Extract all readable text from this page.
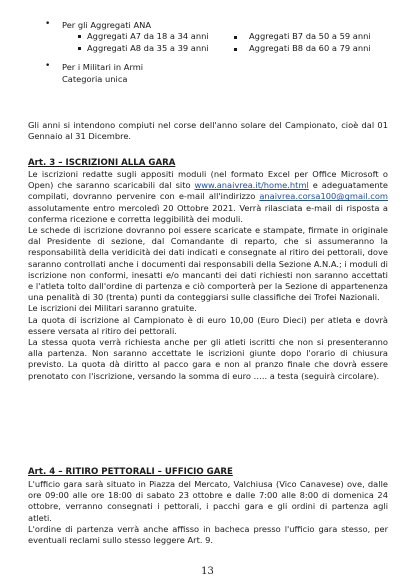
• Per gli Aggregati ANA
Aggregati A7 da 18 a 34 anni	Aggregati B7 da 50 a 59 anni
Aggregati A8 da 35 a 39 anni	Aggregati B8 da 60 a 79 anni
• Per i Militari in Armi
Categoria unica

Gli anni si intendono compiuti nel corse dell'anno solare del Campionato, cioè dal 01 Gennaio al 31 Dicembre.

Art. 3 – ISCRIZIONI ALLA GARA

Le iscrizioni redatte sugli appositi moduli (nel formato Excel per Office Microsoft o Open) che saranno scaricabili dal sito www.anaivrea.it/home.html e adeguatamente compilati, dovranno pervenire con e-mail all'indirizzo anaivrea.corsa100@gmail.com assolutamente entro mercoledì 20 Ottobre 2021. Verrà rilasciata e-mail di risposta a conferma ricezione e corretta leggibilità dei moduli.

Le schede di iscrizione dovranno poi essere scaricate e stampate, firmate in originale dal Presidente di sezione, dal Comandante di reparto, che si assumeranno la responsabilità della veridicità dei dati indicati e consegnate al ritiro dei pettorali, dove saranno controllati anche i documenti dai responsabili della Sezione A.N.A.; i moduli di iscrizione non conformi, inesatti e/o mancanti dei dati richiesti non saranno accettati e l'atleta tolto dall'ordine di partenza e ciò comporterà per la Sezione di appartenenza una penalità di 30 (trenta) punti da conteggiarsi sulle classifiche dei Trofei Nazionali.

Le iscrizioni dei Militari saranno gratuite.

La quota di iscrizione al Campionato è di euro 10,00 (Euro Dieci) per atleta e dovrà essere versata al ritiro dei pettorali.

La stessa quota verrà richiesta anche per gli atleti iscritti che non si presenteranno alla partenza. Non saranno accettate le iscrizioni giunte dopo l'orario di chiusura previsto. La quota dà diritto al pacco gara e non al pranzo finale che dovrà essere prenotato con l'iscrizione, versando la somma di euro ….. a testa (seguirà circolare).

Art. 4 – RITIRO PETTORALI – UFFICIO GARE

L'ufficio gara sarà situato in Piazza del Mercato, Valchiusa (Vico Canavese) ove, dalle ore 09:00 alle ore 18:00 di sabato 23 ottobre e dalle 7:00 alle 8:00 di domenica 24 ottobre, verranno consegnati i pettorali, i pacchi gara e gli ordini di partenza agli atleti.

L'ordine di partenza verrà anche affisso in bacheca presso l'ufficio gara stesso, per eventuali reclami sullo stesso leggere Art. 9.

13
